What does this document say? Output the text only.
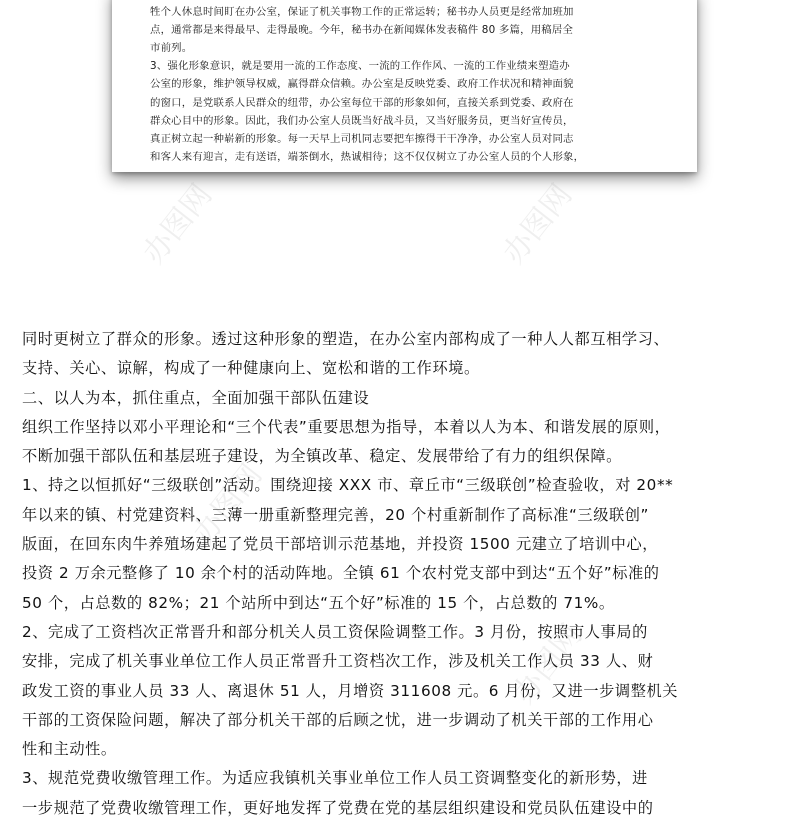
牲个人休息时间盯在办公室，保证了机关事物工作的正常运转；秘书办人员更是经常加班加
点，通常都是来得最早、走得最晚。今年，秘书办在新闻媒体发表稿件 80 多篇，用稿居全
市前列。
3、强化形象意识，就是要用一流的工作态度、一流的工作作风、一流的工作业绩来塑造办
公室的形象，维护领导权威，赢得群众信赖。办公室是反映党委、政府工作状况和精神面貌
的窗口，是党联系人民群众的纽带，办公室每位干部的形象如何，直接关系到党委、政府在
群众心目中的形象。因此，我们办公室人员既当好战斗员，又当好服务员，更当好宣传员，
真正树立起一种崭新的形象。每一天早上司机同志要把车擦得干干净净，办公室人员对同志
和客人来有迎言，走有送语，端茶倒水，热诚相待；这不仅仅树立了办公室人员的个人形象，
办图网	办图网
办图网
办图网
同时更树立了群众的形象。透过这种形象的塑造，在办公室内部构成了一种人人都互相学习、
支持、关心、谅解，构成了一种健康向上、宽松和谐的工作环境。
二、以人为本，抓住重点，全面加强干部队伍建设
组织工作坚持以邓小平理论和“三个代表”重要思想为指导，本着以人为本、和谐发展的原则，
不断加强干部队伍和基层班子建设，为全镇改革、稳定、发展带给了有力的组织保障。
1、持之以恒抓好“三级联创”活动。围绕迎接 XXX 市、章丘市“三级联创”检查验收，对 20**
年以来的镇、村党建资料、三薄一册重新整理完善，20 个村重新制作了高标准“三级联创”
版面，在回东肉牛养殖场建起了党员干部培训示范基地，并投资 1500 元建立了培训中心，
投资 2 万余元整修了 10 余个村的活动阵地。全镇 61 个农村党支部中到达“五个好”标准的
50 个，占总数的 82%；21 个站所中到达“五个好”标准的 15 个，占总数的 71%。
2、完成了工资档次正常晋升和部分机关人员工资保险调整工作。3 月份，按照市人事局的
安排，完成了机关事业单位工作人员正常晋升工资档次工作，涉及机关工作人员 33 人、财
政发工资的事业人员 33 人、离退休 51 人，月增资 311608 元。6 月份，又进一步调整机关
干部的工资保险问题，解决了部分机关干部的后顾之忧，进一步调动了机关干部的工作用心
性和主动性。
3、规范党费收缴管理工作。为适应我镇机关事业单位工作人员工资调整变化的新形势，进
一步规范了党费收缴管理工作，更好地发挥了党费在党的基层组织建设和党员队伍建设中的
